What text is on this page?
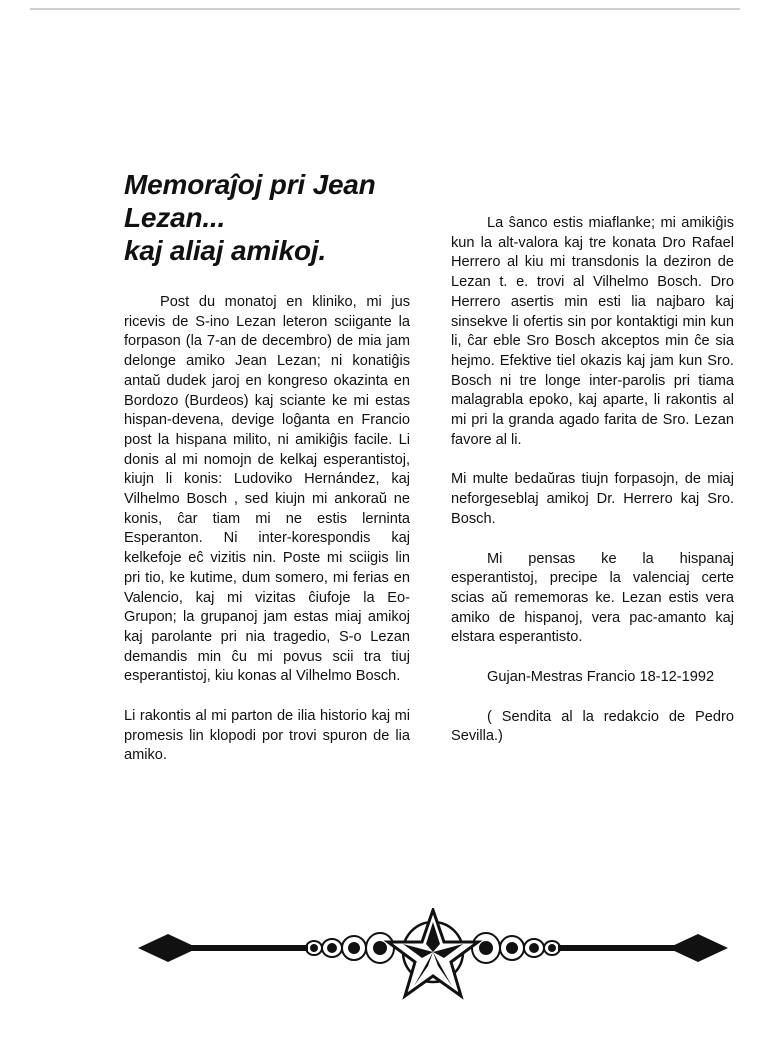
Memoraĵoj pri Jean
Lezan...
kaj aliaj amikoj.

Post du monatoj en kliniko, mi jus ricevis de S-ino Lezan leteron sciigante la forpason (la 7-an de decembro) de mia jam delonge amiko Jean Lezan; ni konatiĝis antaŭ dudek jaroj en kongreso okazinta en Bordozo (Burdeos) kaj sciante ke mi estas hispan-devena, devige loĝanta en Francio post la hispana milito, ni amikiĝis facile. Li donis al mi nomojn de kelkaj esperantistoj, kiujn li konis: Ludoviko Hernández, kaj Vilhelmo Bosch , sed kiujn mi ankoraŭ ne konis, ĉar tiam mi ne estis lerninta Esperanton. Ni inter-korespondis kaj kelkefoje eĉ vizitis nin. Poste mi sciigis lin pri tio, ke kutime, dum somero, mi ferias en Valencio, kaj mi vizitas ĉiufoje la Eo-Grupon; la grupanoj jam estas miaj amikoj kaj parolante pri nia tragedio, S-o Lezan demandis min ĉu mi povus scii tra tiuj esperantistoj, kiu konas al Vilhelmo Bosch.

Li rakontis al mi parton de ilia historio kaj mi promesis lin klopodi por trovi spuron de lia amiko.

La ŝanco estis miaflanke; mi amikiĝis kun la alt-valora kaj tre konata Dro Rafael Herrero al kiu mi transdonis la deziron de Lezan t. e. trovi al Vilhelmo Bosch. Dro Herrero asertis min esti lia najbaro kaj sinsekve li ofertis sin por kontaktigi min kun li, ĉar eble Sro Bosch akceptos min ĉe sia hejmo. Efektive tiel okazis kaj jam kun Sro. Bosch ni tre longe inter-parolis pri tiama malagrabla epoko, kaj aparte, li rakontis al mi pri la granda agado farita de Sro. Lezan favore al li.

Mi multe bedaŭras tiujn forpasojn, de miaj neforgeseblaj amikoj Dr. Herrero kaj Sro. Bosch.

Mi pensas ke la hispanaj esperantistoj, precipe la valenciaj certe scias aŭ rememoras ke. Lezan estis vera amiko de hispanoj, vera pac-amanto kaj elstara esperantisto.

Gujan-Mestras Francio 18-12-1992

( Sendita al la redakcio de Pedro Sevilla.)
